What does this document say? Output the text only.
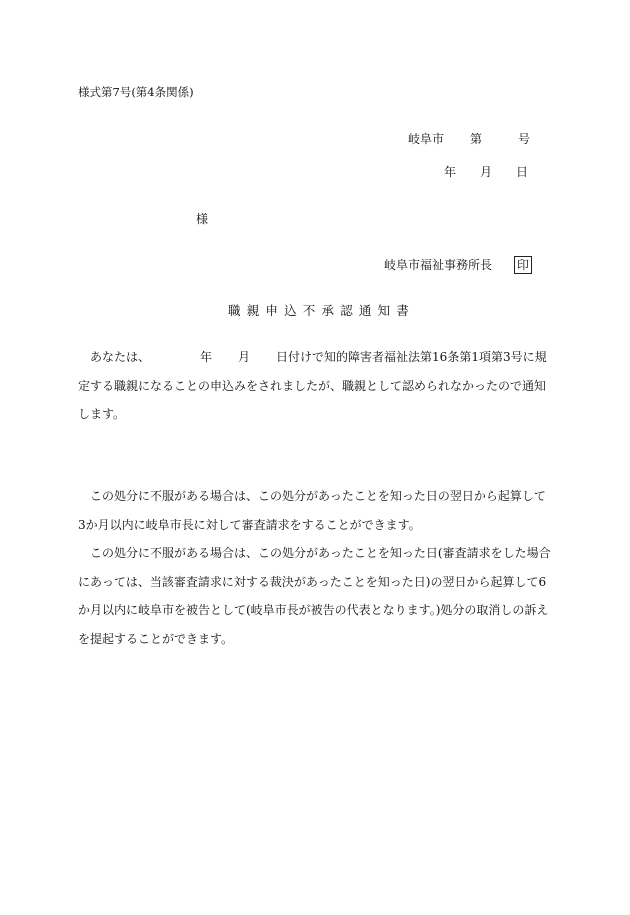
様式第7号(第4条関係)
岐阜市 第	号
年 月 日
様
岐阜市福祉事務所長 印
職親申込不承認通知書
あなたは、	年 月 日付けで知的障害者福祉法第16条第1項第3号に規定する職親になることの申込みをされましたが、職親として認められなかったので通知します。
この処分に不服がある場合は、この処分があったことを知った日の翌日から起算して3か月以内に岐阜市長に対して審査請求をすることができます。
この処分に不服がある場合は、この処分があったことを知った日(審査請求をした場合にあっては、当該審査請求に対する裁決があったことを知った日)の翌日から起算して6か月以内に岐阜市を被告として(岐阜市長が被告の代表となります。)処分の取消しの訴えを提起することができます。
